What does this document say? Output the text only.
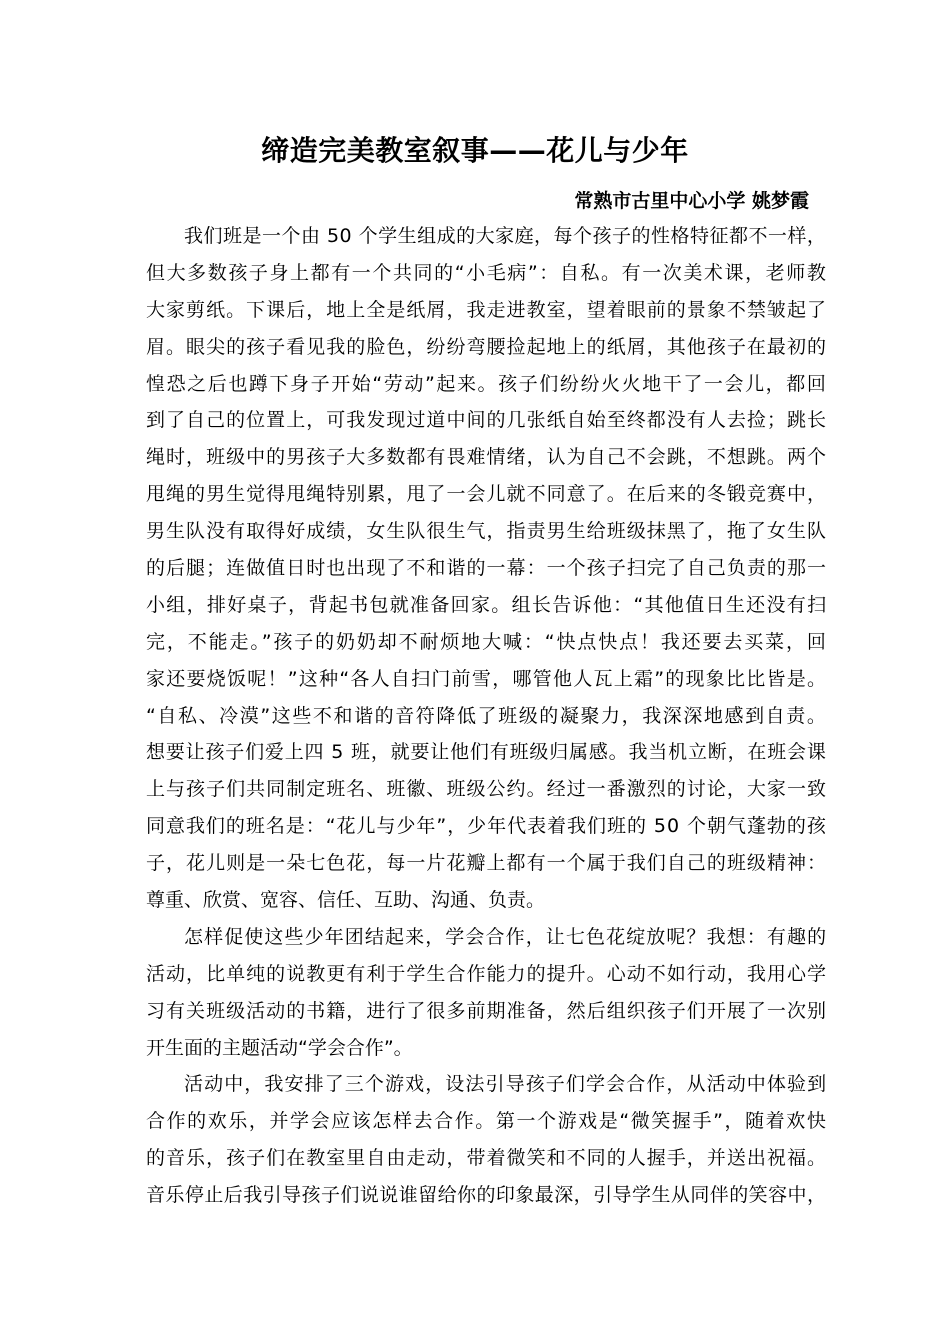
缔造完美教室叙事——花儿与少年
常熟市古里中心小学 姚梦霞
我们班是一个由 50 个学生组成的大家庭，每个孩子的性格特征都不一样，
但大多数孩子身上都有一个共同的“小毛病”：自私。有一次美术课，老师教
大家剪纸。下课后，地上全是纸屑，我走进教室，望着眼前的景象不禁皱起了
眉。眼尖的孩子看见我的脸色，纷纷弯腰捡起地上的纸屑，其他孩子在最初的
惶恐之后也蹲下身子开始“劳动”起来。孩子们纷纷火火地干了一会儿，都回
到了自己的位置上，可我发现过道中间的几张纸自始至终都没有人去捡；跳长
绳时，班级中的男孩子大多数都有畏难情绪，认为自己不会跳，不想跳。两个
甩绳的男生觉得甩绳特别累，甩了一会儿就不同意了。在后来的冬锻竞赛中，
男生队没有取得好成绩，女生队很生气，指责男生给班级抹黑了，拖了女生队
的后腿；连做值日时也出现了不和谐的一幕：一个孩子扫完了自己负责的那一
小组，排好桌子，背起书包就准备回家。组长告诉他：“其他值日生还没有扫
完，不能走。”孩子的奶奶却不耐烦地大喊：“快点快点！我还要去买菜，回
家还要烧饭呢！”这种“各人自扫门前雪，哪管他人瓦上霜”的现象比比皆是。
“自私、冷漠”这些不和谐的音符降低了班级的凝聚力，我深深地感到自责。
想要让孩子们爱上四 5 班，就要让他们有班级归属感。我当机立断，在班会课
上与孩子们共同制定班名、班徽、班级公约。经过一番激烈的讨论，大家一致
同意我们的班名是：“花儿与少年”，少年代表着我们班的 50 个朝气蓬勃的孩
子，花儿则是一朵七色花，每一片花瓣上都有一个属于我们自己的班级精神：
尊重、欣赏、宽容、信任、互助、沟通、负责。
怎样促使这些少年团结起来，学会合作，让七色花绽放呢？我想：有趣的
活动，比单纯的说教更有利于学生合作能力的提升。心动不如行动，我用心学
习有关班级活动的书籍，进行了很多前期准备，然后组织孩子们开展了一次别
开生面的主题活动“学会合作”。
活动中，我安排了三个游戏，设法引导孩子们学会合作，从活动中体验到
合作的欢乐，并学会应该怎样去合作。第一个游戏是“微笑握手”，随着欢快
的音乐，孩子们在教室里自由走动，带着微笑和不同的人握手，并送出祝福。
音乐停止后我引导孩子们说说谁留给你的印象最深，引导学生从同伴的笑容中，
